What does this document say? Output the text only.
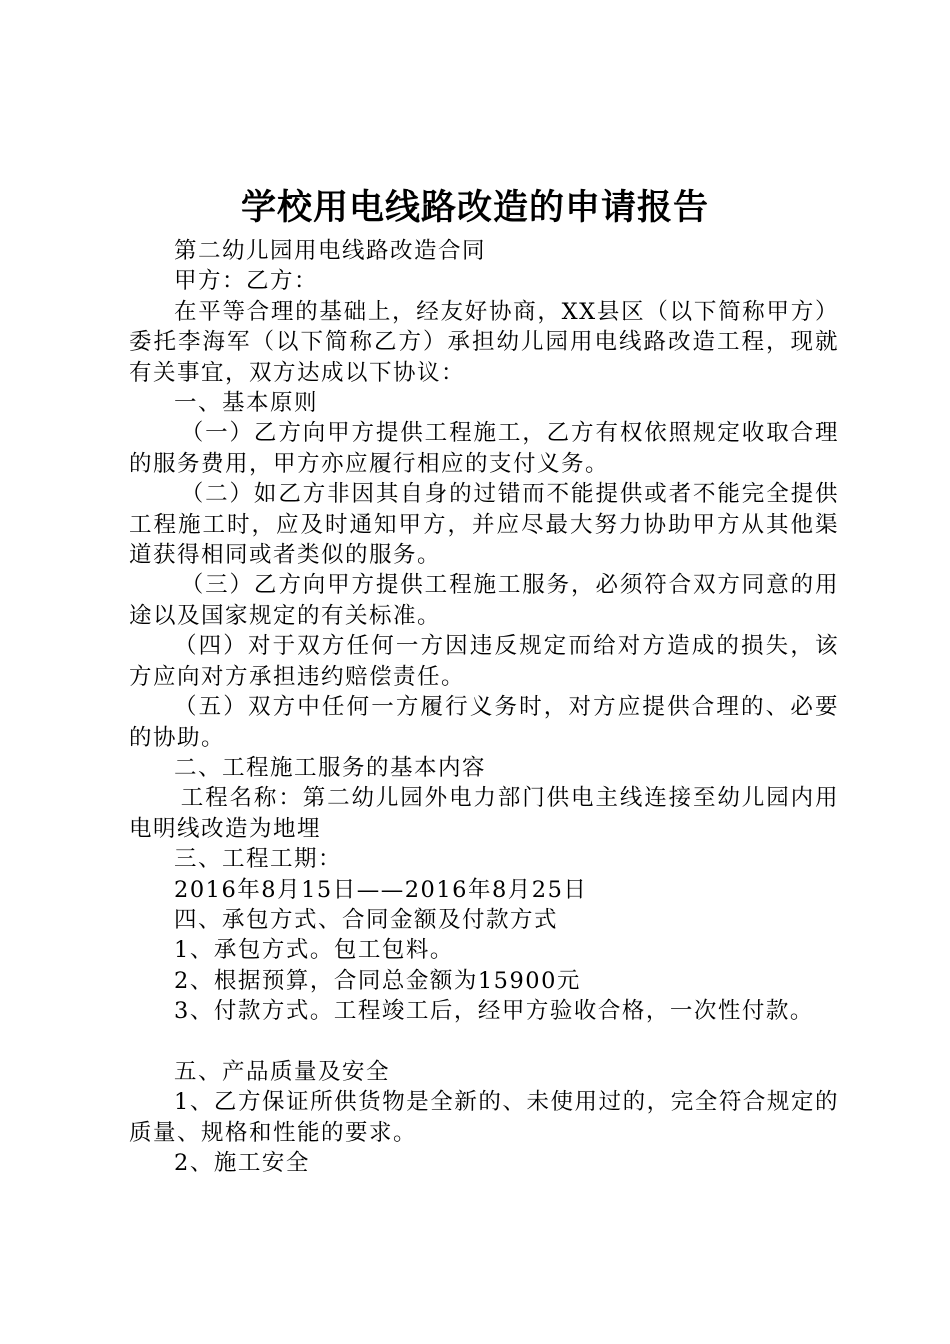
学校用电线路改造的申请报告

第二幼儿园用电线路改造合同

甲方：乙方：

在平等合理的基础上，经友好协商，XX县区（以下简称甲方）委托李海军（以下简称乙方）承担幼儿园用电线路改造工程，现就有关事宜，双方达成以下协议：

一、基本原则

（一）乙方向甲方提供工程施工，乙方有权依照规定收取合理的服务费用，甲方亦应履行相应的支付义务。

（二）如乙方非因其自身的过错而不能提供或者不能完全提供工程施工时，应及时通知甲方，并应尽最大努力协助甲方从其他渠道获得相同或者类似的服务。

（三）乙方向甲方提供工程施工服务，必须符合双方同意的用途以及国家规定的有关标准。

（四）对于双方任何一方因违反规定而给对方造成的损失，该方应向对方承担违约赔偿责任。

（五）双方中任何一方履行义务时，对方应提供合理的、必要的协助。

二、工程施工服务的基本内容

工程名称：第二幼儿园外电力部门供电主线连接至幼儿园内用电明线改造为地埋

三、工程工期：

2016年8月15日——2016年8月25日

四、承包方式、合同金额及付款方式

1、承包方式。包工包料。

2、根据预算，合同总金额为15900元

3、付款方式。工程竣工后，经甲方验收合格，一次性付款。

五、产品质量及安全

1、乙方保证所供货物是全新的、未使用过的，完全符合规定的质量、规格和性能的要求。

2、施工安全
